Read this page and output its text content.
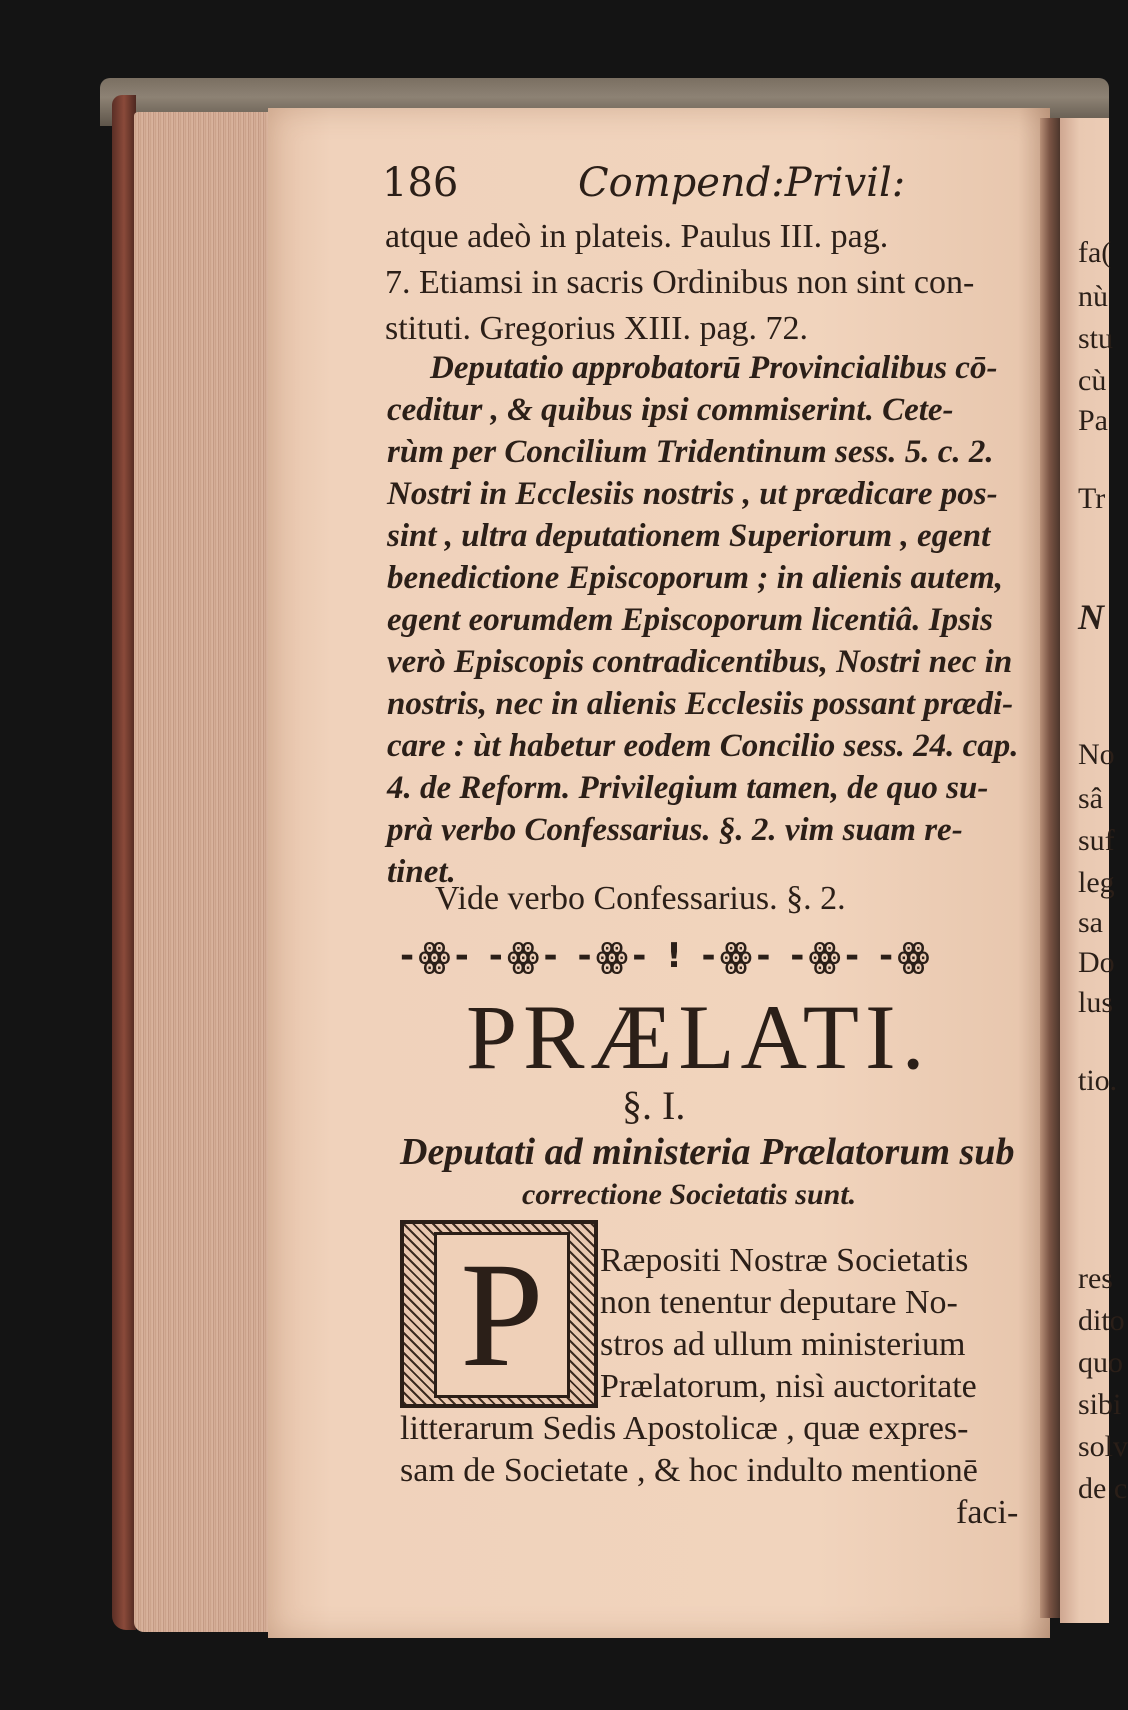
186	Compend:Privil:
atque adeò in plateis. Paulus III. pag.
7. Etiamsi in sacris Ordinibus non sint con-
stituti. Gregorius XIII. pag. 72.
Deputatio approbatorū Provincialibus cō-
ceditur , & quibus ipsi commiserint. Cete-
rùm per Concilium Tridentinum sess. 5. c. 2.
Nostri in Ecclesiis nostris , ut prædicare pos-
sint , ultra deputationem Superiorum , egent
benedictione Episcoporum ; in alienis autem,
egent eorumdem Episcoporum licentiâ. Ipsis
verò Episcopis contradicentibus, Nostri nec in
nostris, nec in alienis Ecclesiis possant prædi-
care : ùt habetur eodem Concilio sess. 24. cap.
4. de Reform. Privilegium tamen, de quo su-
prà verbo Confessarius. §. 2. vim suam re-
tinet.
Vide verbo Confessarius. §. 2.
-ꙮ- -ꙮ- -ꙮ- ! -ꙮ- -ꙮ- -ꙮ
PRÆLATI.
§. I.
Deputati ad ministeria Prælatorum sub
correctione Societatis sunt.
P	Ræpositi Nostræ Societatis
non tenentur deputare No-
stros ad ullum ministerium
Prælatorum, nisì auctoritate
litterarum Sedis Apostolicæ , quæ expres-
sam de Societate , & hoc indulto mentionē
faci-
fa(
nù
stu
cù
Pa
Tr
N
No
sâ
suf
leg
sa
Do
lus
tio.
res
dito
quo
sibi
solv
de c
